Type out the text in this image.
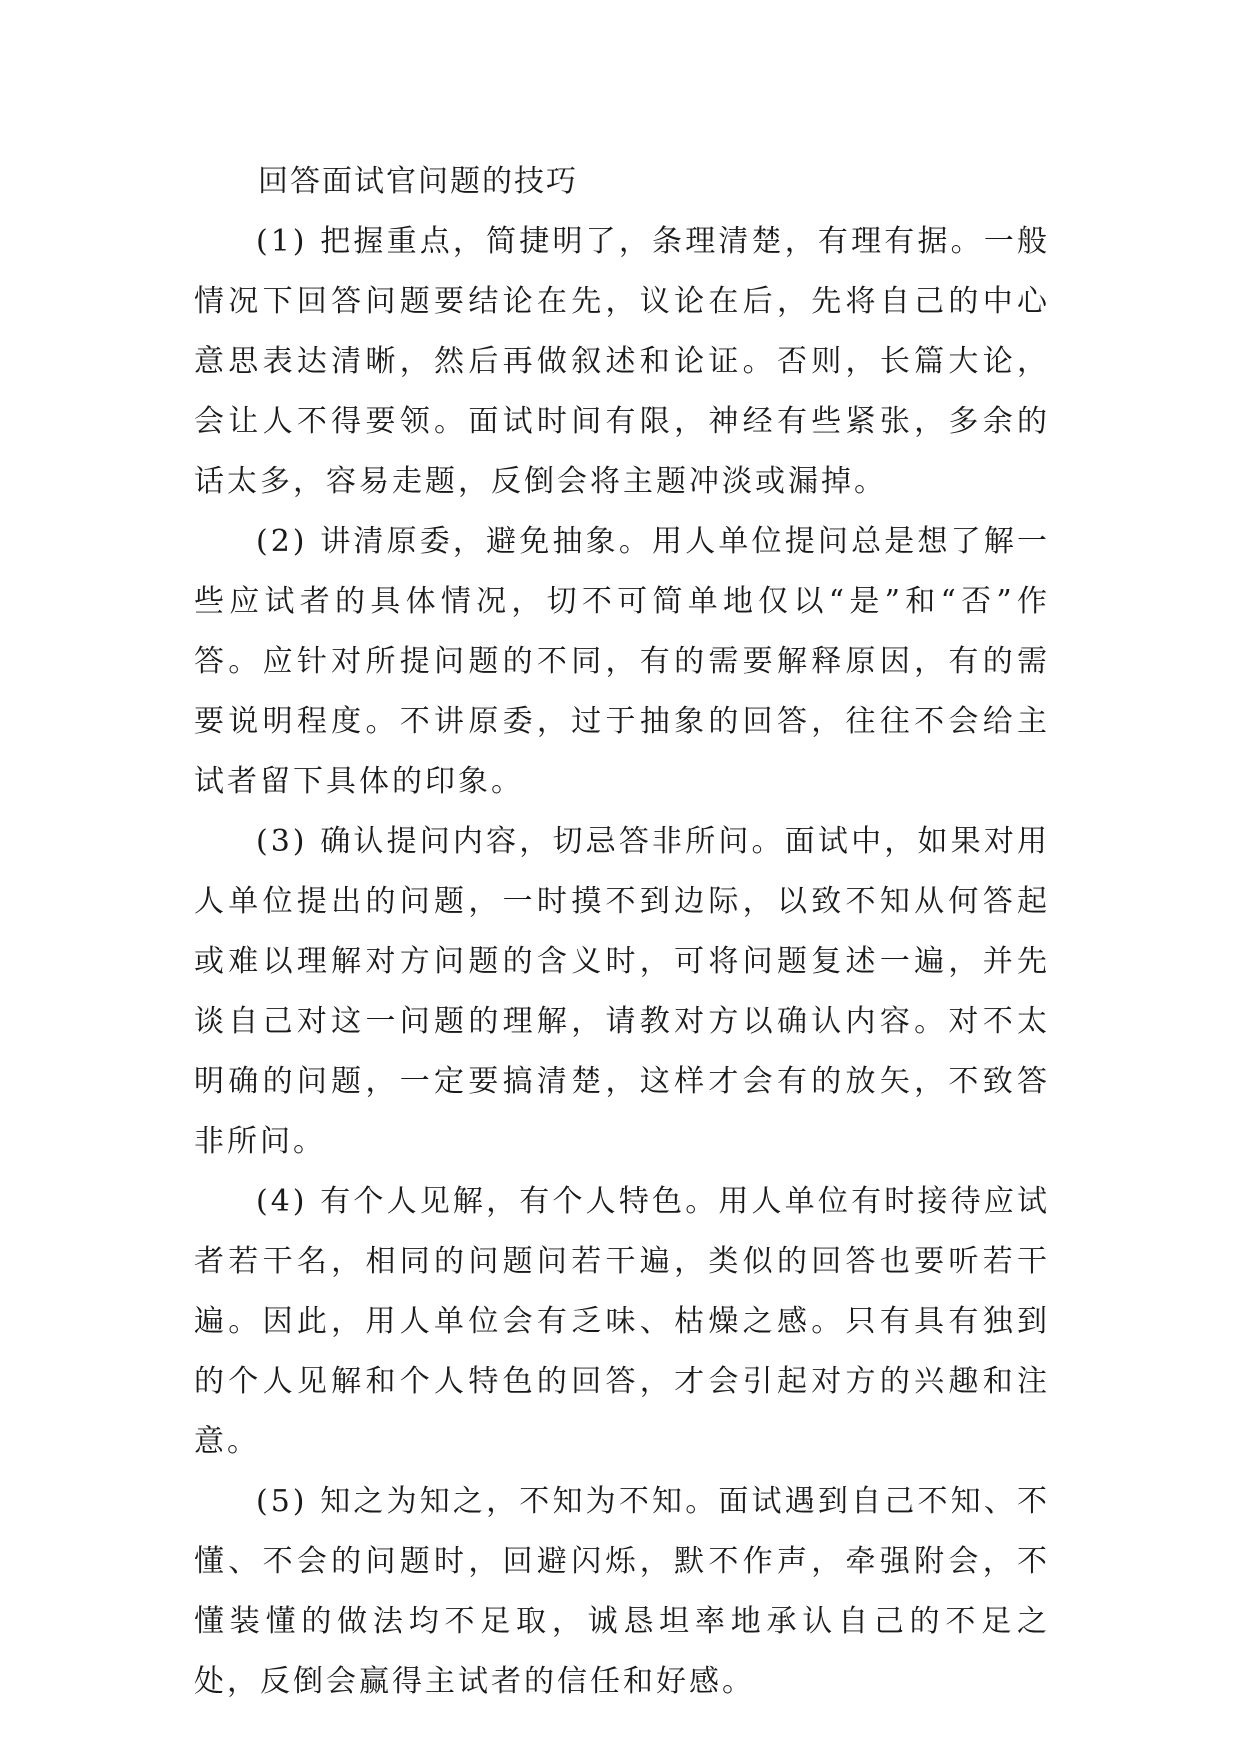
回答面试官问题的技巧

(1) 把握重点，简捷明了，条理清楚，有理有据。一般情况下回答问题要结论在先，议论在后，先将自己的中心意思表达清晰，然后再做叙述和论证。否则，长篇大论，会让人不得要领。面试时间有限，神经有些紧张，多余的话太多，容易走题，反倒会将主题冲淡或漏掉。

(2) 讲清原委，避免抽象。用人单位提问总是想了解一些应试者的具体情况，切不可简单地仅以“是”和“否”作答。应针对所提问题的不同，有的需要解释原因，有的需要说明程度。不讲原委，过于抽象的回答，往往不会给主试者留下具体的印象。

(3) 确认提问内容，切忌答非所问。面试中，如果对用人单位提出的问题，一时摸不到边际，以致不知从何答起或难以理解对方问题的含义时，可将问题复述一遍，并先 谈自己对这一问题的理解，请教对方以确认内容。对不太明确的问题，一定要搞清楚，这样才会有的放矢，不致答非所问。

(4) 有个人见解，有个人特色。用人单位有时接待应试者若干名，相同的问题问若干遍，类似的回答也要听若干遍。因此，用人单位会有乏味、枯燥之感。只有具有独到的个人见解和个人特色的回答，才会引起对方的兴趣和注意。

(5) 知之为知之，不知为不知。面试遇到自己不知、不懂、不会的问题时，回避闪烁，默不作声，牵强附会，不懂装懂的做法均不足取，诚恳坦率地承认自己的不足之处，反倒会赢得主试者的信任和好感。
